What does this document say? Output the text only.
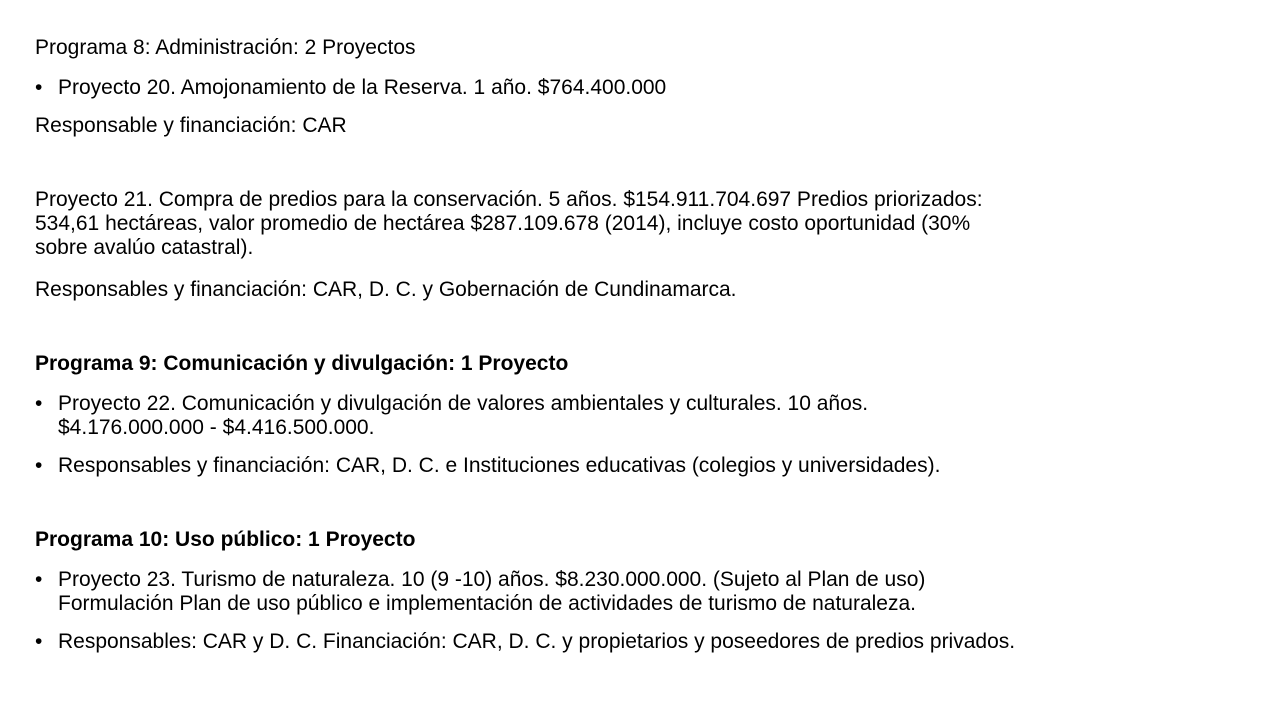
Programa 8: Administración: 2 Proyectos
• Proyecto 20. Amojonamiento de la Reserva. 1 año. $764.400.000
Responsable y financiación: CAR
Proyecto 21. Compra de predios para la conservación. 5 años. $154.911.704.697 Predios priorizados:
534,61 hectáreas, valor promedio de hectárea $287.109.678 (2014), incluye costo oportunidad (30%
sobre avalúo catastral).
Responsables y financiación: CAR, D. C. y Gobernación de Cundinamarca.
Programa 9: Comunicación y divulgación: 1 Proyecto
• Proyecto 22. Comunicación y divulgación de valores ambientales y culturales. 10 años.
$4.176.000.000 - $4.416.500.000.
• Responsables y financiación: CAR, D. C. e Instituciones educativas (colegios y universidades).
Programa 10: Uso público: 1 Proyecto
• Proyecto 23. Turismo de naturaleza. 10 (9 -10) años. $8.230.000.000. (Sujeto al Plan de uso)
Formulación Plan de uso público e implementación de actividades de turismo de naturaleza.
• Responsables: CAR y D. C. Financiación: CAR, D. C. y propietarios y poseedores de predios privados.
